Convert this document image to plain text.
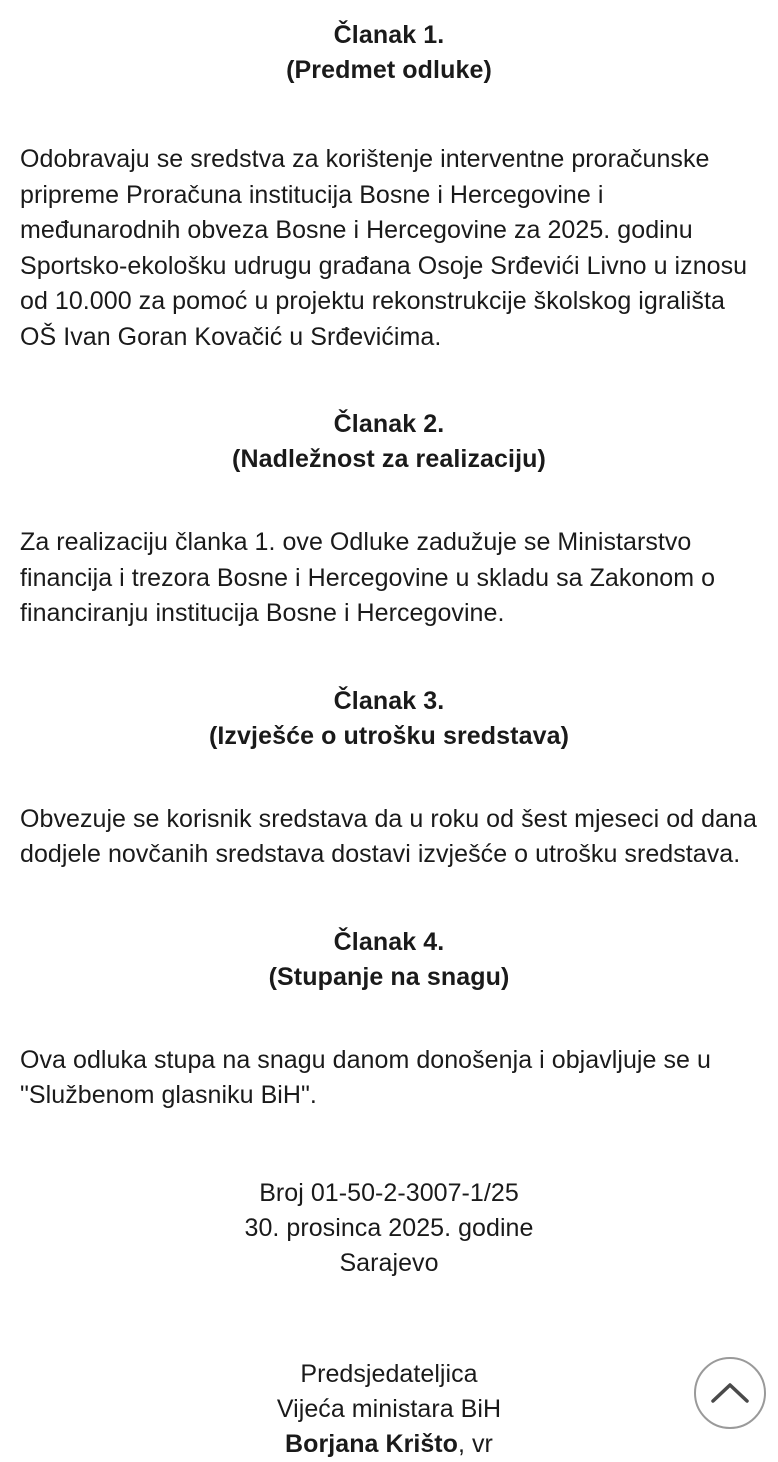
Članak 1.
(Predmet odluke)
Odobravaju se sredstva za korištenje interventne proračunske pripreme Proračuna institucija Bosne i Hercegovine i međunarodnih obveza Bosne i Hercegovine za 2025. godinu Sportsko-ekološku udrugu građana Osoje Srđevići Livno u iznosu od 10.000 za pomoć u projektu rekonstrukcije školskog igrališta OŠ Ivan Goran Kovačić u Srđevićima.
Članak 2.
(Nadležnost za realizaciju)
Za realizaciju članka 1. ove Odluke zadužuje se Ministarstvo financija i trezora Bosne i Hercegovine u skladu sa Zakonom o financiranju institucija Bosne i Hercegovine.
Članak 3.
(Izvješće o utrošku sredstava)
Obvezuje se korisnik sredstava da u roku od šest mjeseci od dana dodjele novčanih sredstava dostavi izvješće o utrošku sredstava.
Članak 4.
(Stupanje na snagu)
Ova odluka stupa na snagu danom donošenja i objavljuje se u "Službenom glasniku BiH".
Broj 01-50-2-3007-1/25
30. prosinca 2025. godine
Sarajevo
Predsjedateljica
Vijeća ministara BiH
Borjana Krišto, vr
